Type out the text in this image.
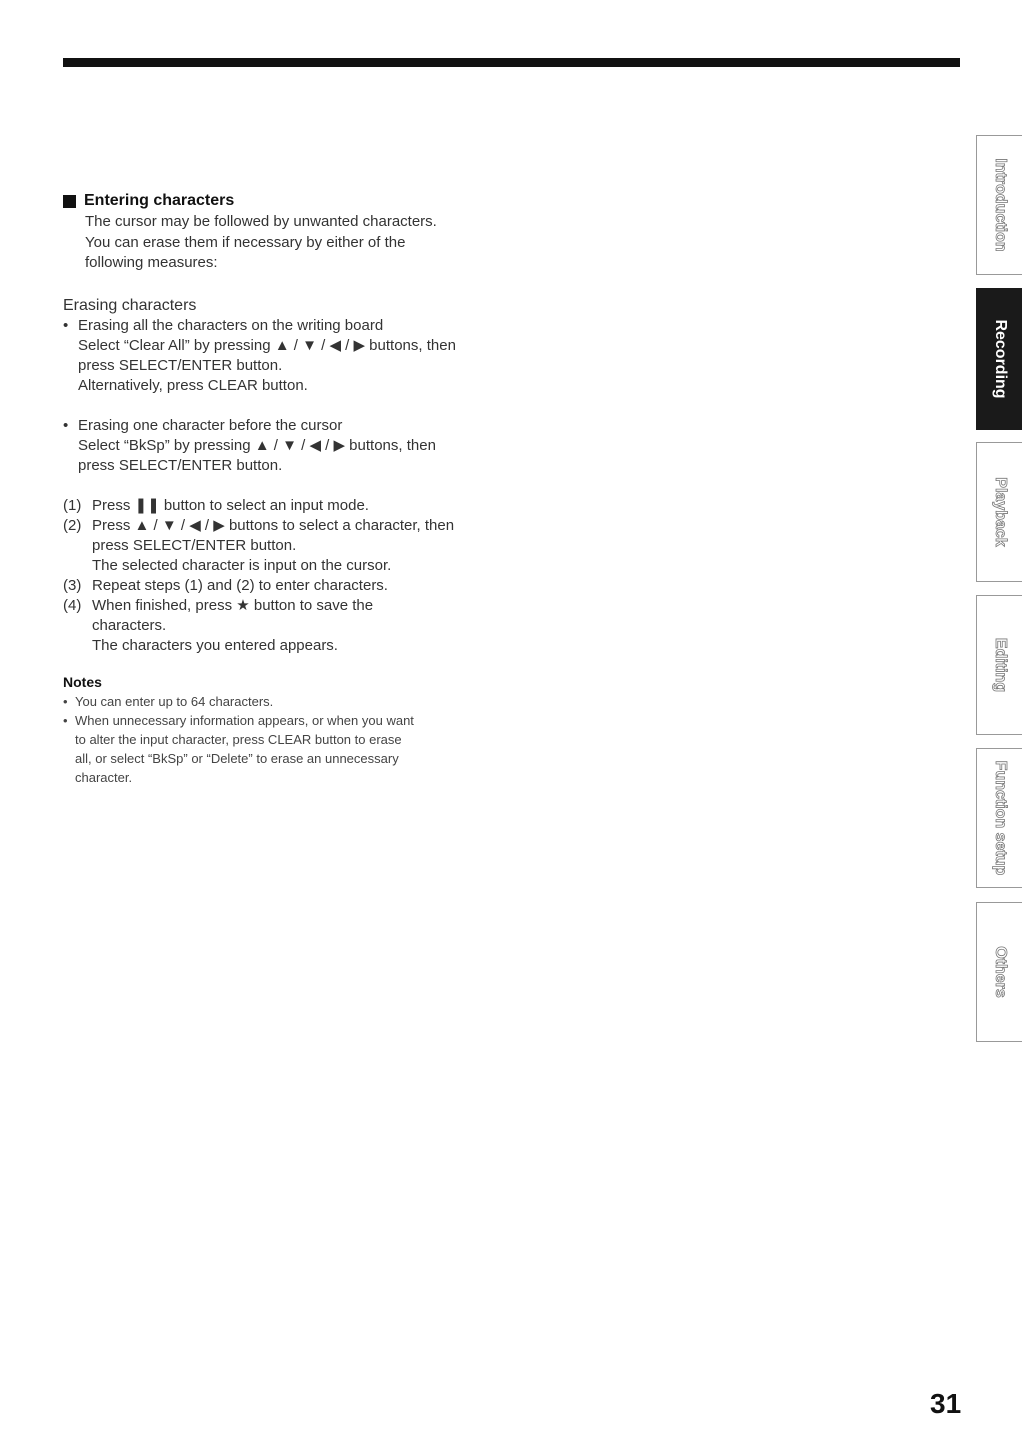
Entering characters
The cursor may be followed by unwanted characters.
You can erase them if necessary by either of the
following measures:
Erasing characters
• Erasing all the characters on the writing board
Select “Clear All” by pressing ▲ / ▼ / ◀ / ▶ buttons, then
press SELECT/ENTER button.
Alternatively, press CLEAR button.
• Erasing one character before the cursor
Select “BkSp” by pressing ▲ / ▼ / ◀ / ▶ buttons, then
press SELECT/ENTER button.
(1) Press ❚❚ button to select an input mode.
(2) Press ▲ / ▼ / ◀ / ▶ buttons to select a character, then
press SELECT/ENTER button.
The selected character is input on the cursor.
(3) Repeat steps (1) and (2) to enter characters.
(4) When finished, press ★ button to save the
characters.
The characters you entered appears.
Notes
• You can enter up to 64 characters.
• When unnecessary information appears, or when you want
to alter the input character, press CLEAR button to erase
all, or select “BkSp” or “Delete” to erase an unnecessary
character.
Introduction
Recording
Playback
Editing
Function setup
Others
31
